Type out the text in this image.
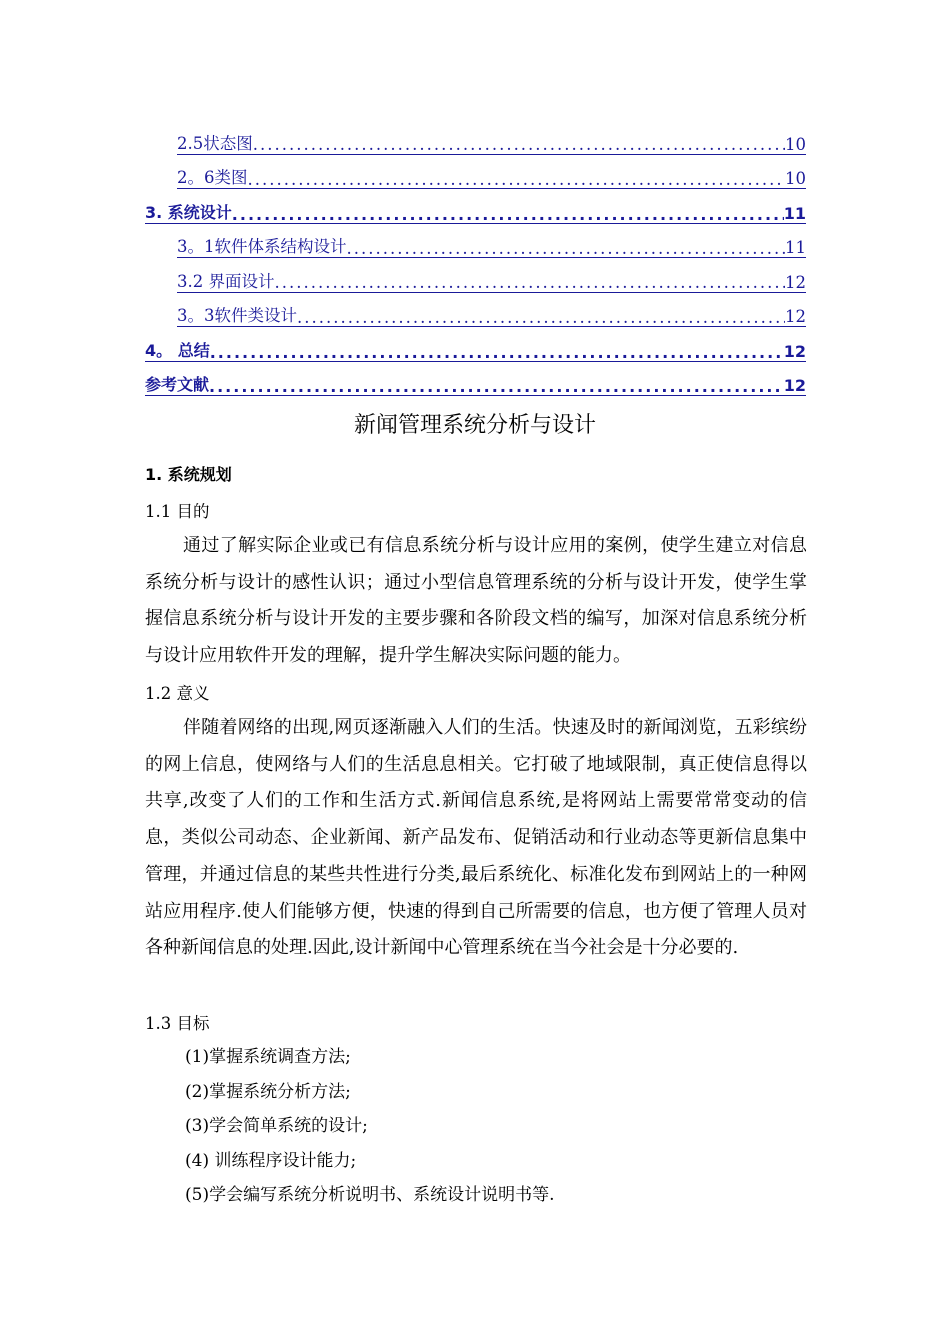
2.5状态图 .....	10
2。6类图 .....	10
3. 系统设计 .....	11
3。1软件体系结构设计 .....	11
3.2 界面设计 .....	12
3。3软件类设计 .....	12
4。 总结 .....	12
参考文献 .....	12
新闻管理系统分析与设计
1. 系统规划
1.1 目的

通过了解实际企业或已有信息系统分析与设计应用的案例，使学生建立对信息系统分析与设计的感性认识；通过小型信息管理系统的分析与设计开发，使学生掌握信息系统分析与设计开发的主要步骤和各阶段文档的编写，加深对信息系统分析与设计应用软件开发的理解，提升学生解决实际问题的能力。

1.2 意义

伴随着网络的出现,网页逐渐融入人们的生活。快速及时的新闻浏览，五彩缤纷的网上信息，使网络与人们的生活息息相关。它打破了地域限制，真正使信息得以共享,改变了人们的工作和生活方式.新闻信息系统,是将网站上需要常常变动的信息，类似公司动态、企业新闻、新产品发布、促销活动和行业动态等更新信息集中管理，并通过信息的某些共性进行分类,最后系统化、标准化发布到网站上的一种网站应用程序.使人们能够方便，快速的得到自己所需要的信息，也方便了管理人员对各种新闻信息的处理.因此,设计新闻中心管理系统在当今社会是十分必要的.

1.3 目标
(1)掌握系统调查方法;
(2)掌握系统分析方法;
(3)学会简单系统的设计;
(4) 训练程序设计能力;
(5)学会编写系统分析说明书、系统设计说明书等.
